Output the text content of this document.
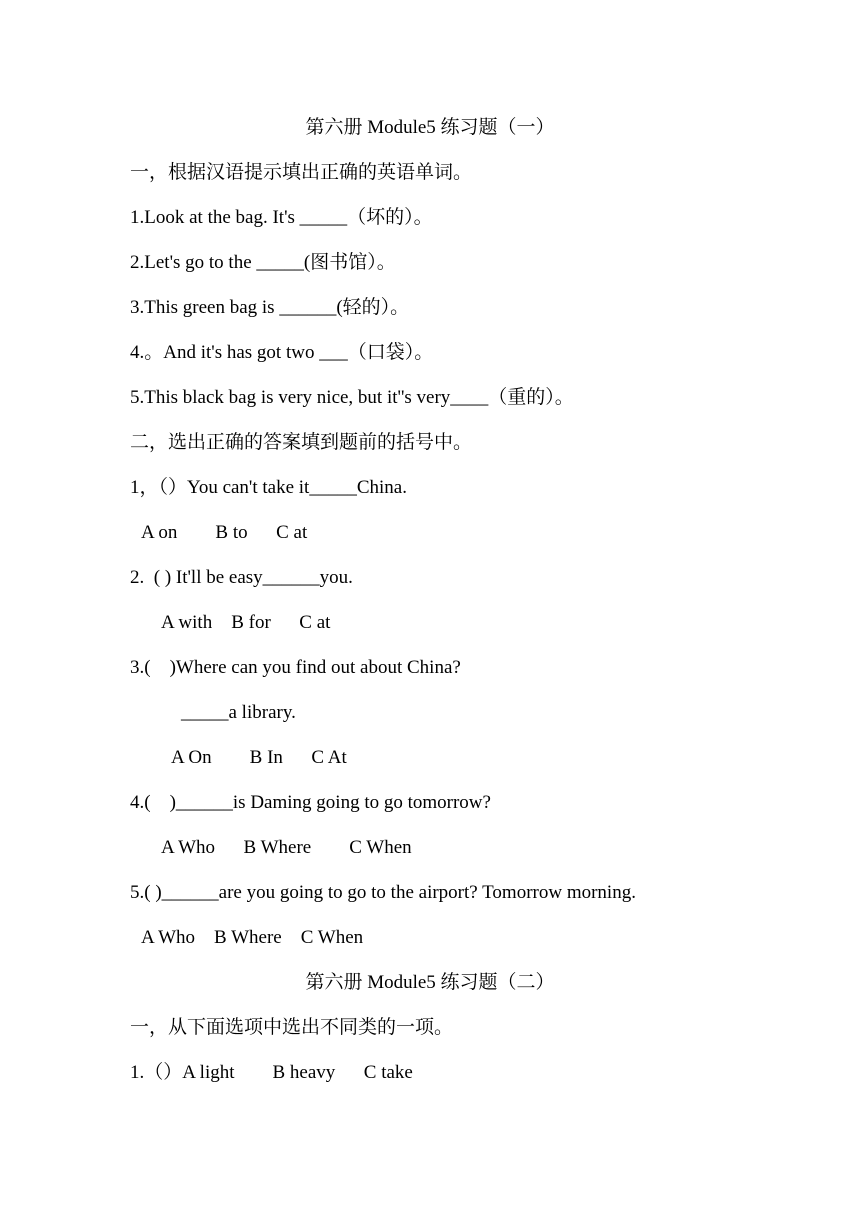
第六册 Module5 练习题（一）
一，根据汉语提示填出正确的英语单词。
1.Look at the bag. It's _____（坏的）。
2.Let's go to the _____(图书馆）。
3.This green bag is ______(轻的）。
4.。And it's has got two ___（口袋）。
5.This black bag is very nice, but it''s very____（重的）。
二，选出正确的答案填到题前的括号中。
1，（）You can't take it_____China.
A on        B to      C at
2.  ( ) It'll be easy______you.
A with    B for      C at
3.(    )Where can you find out about China?
_____a library.
A On        B In      C At
4.(    )______is Daming going to go tomorrow?
A Who      B Where        C When
5.( )______are you going to go to the airport? Tomorrow morning.
A Who    B Where    C When
第六册 Module5 练习题（二）
一，从下面选项中选出不同类的一项。
1.（）A light        B heavy      C take
